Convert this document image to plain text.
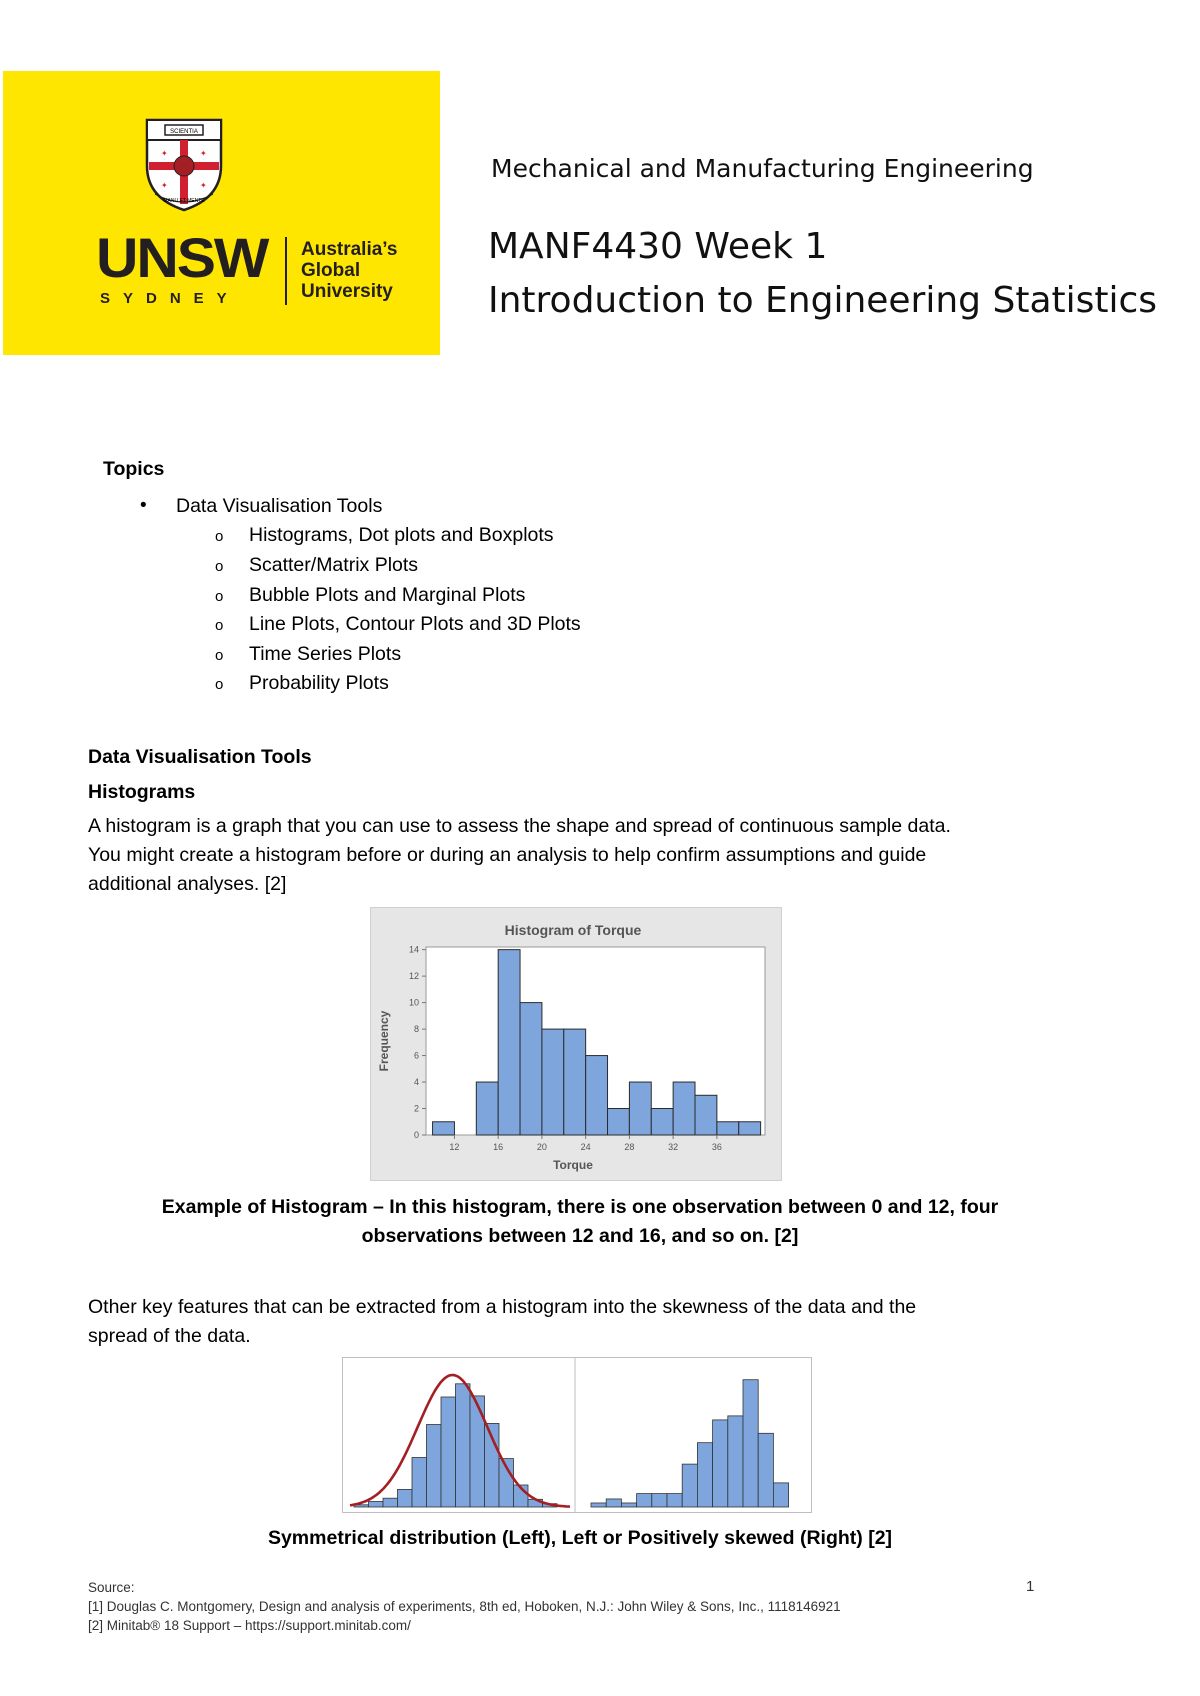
SCIENTIA
✦	✦
✦	✦
MANU ET MENTE
UNSW
SYDNEY
Australia’s
Global
University
Mechanical and Manufacturing Engineering
MANF4430 Week 1
Introduction to Engineering Statistics
Topics
• Data Visualisation Tools
o Histograms, Dot plots and Boxplots
o Scatter/Matrix Plots
o Bubble Plots and Marginal Plots
o Line Plots, Contour Plots and 3D Plots
o Time Series Plots
o Probability Plots
Data Visualisation Tools
Histograms
A histogram is a graph that you can use to assess the shape and spread of continuous sample data.
You might create a histogram before or during an analysis to help confirm assumptions and guide
additional analyses. [2]
Histogram of Torque
Torque
Frequency
12	16	20	24	28	32	36
0
2
4
6
8
10
12
14
Example of Histogram – In this histogram, there is one observation between 0 and 12, four
observations between 12 and 16, and so on. [2]
Other key features that can be extracted from a histogram into the skewness of the data and the
spread of the data.
Symmetrical distribution (Left), Left or Positively skewed (Right) [2]
Source:
[1] Douglas C. Montgomery, Design and analysis of experiments, 8th ed, Hoboken, N.J.: John Wiley & Sons, Inc., 1118146921
[2] Minitab® 18 Support – https://support.minitab.com/
1
